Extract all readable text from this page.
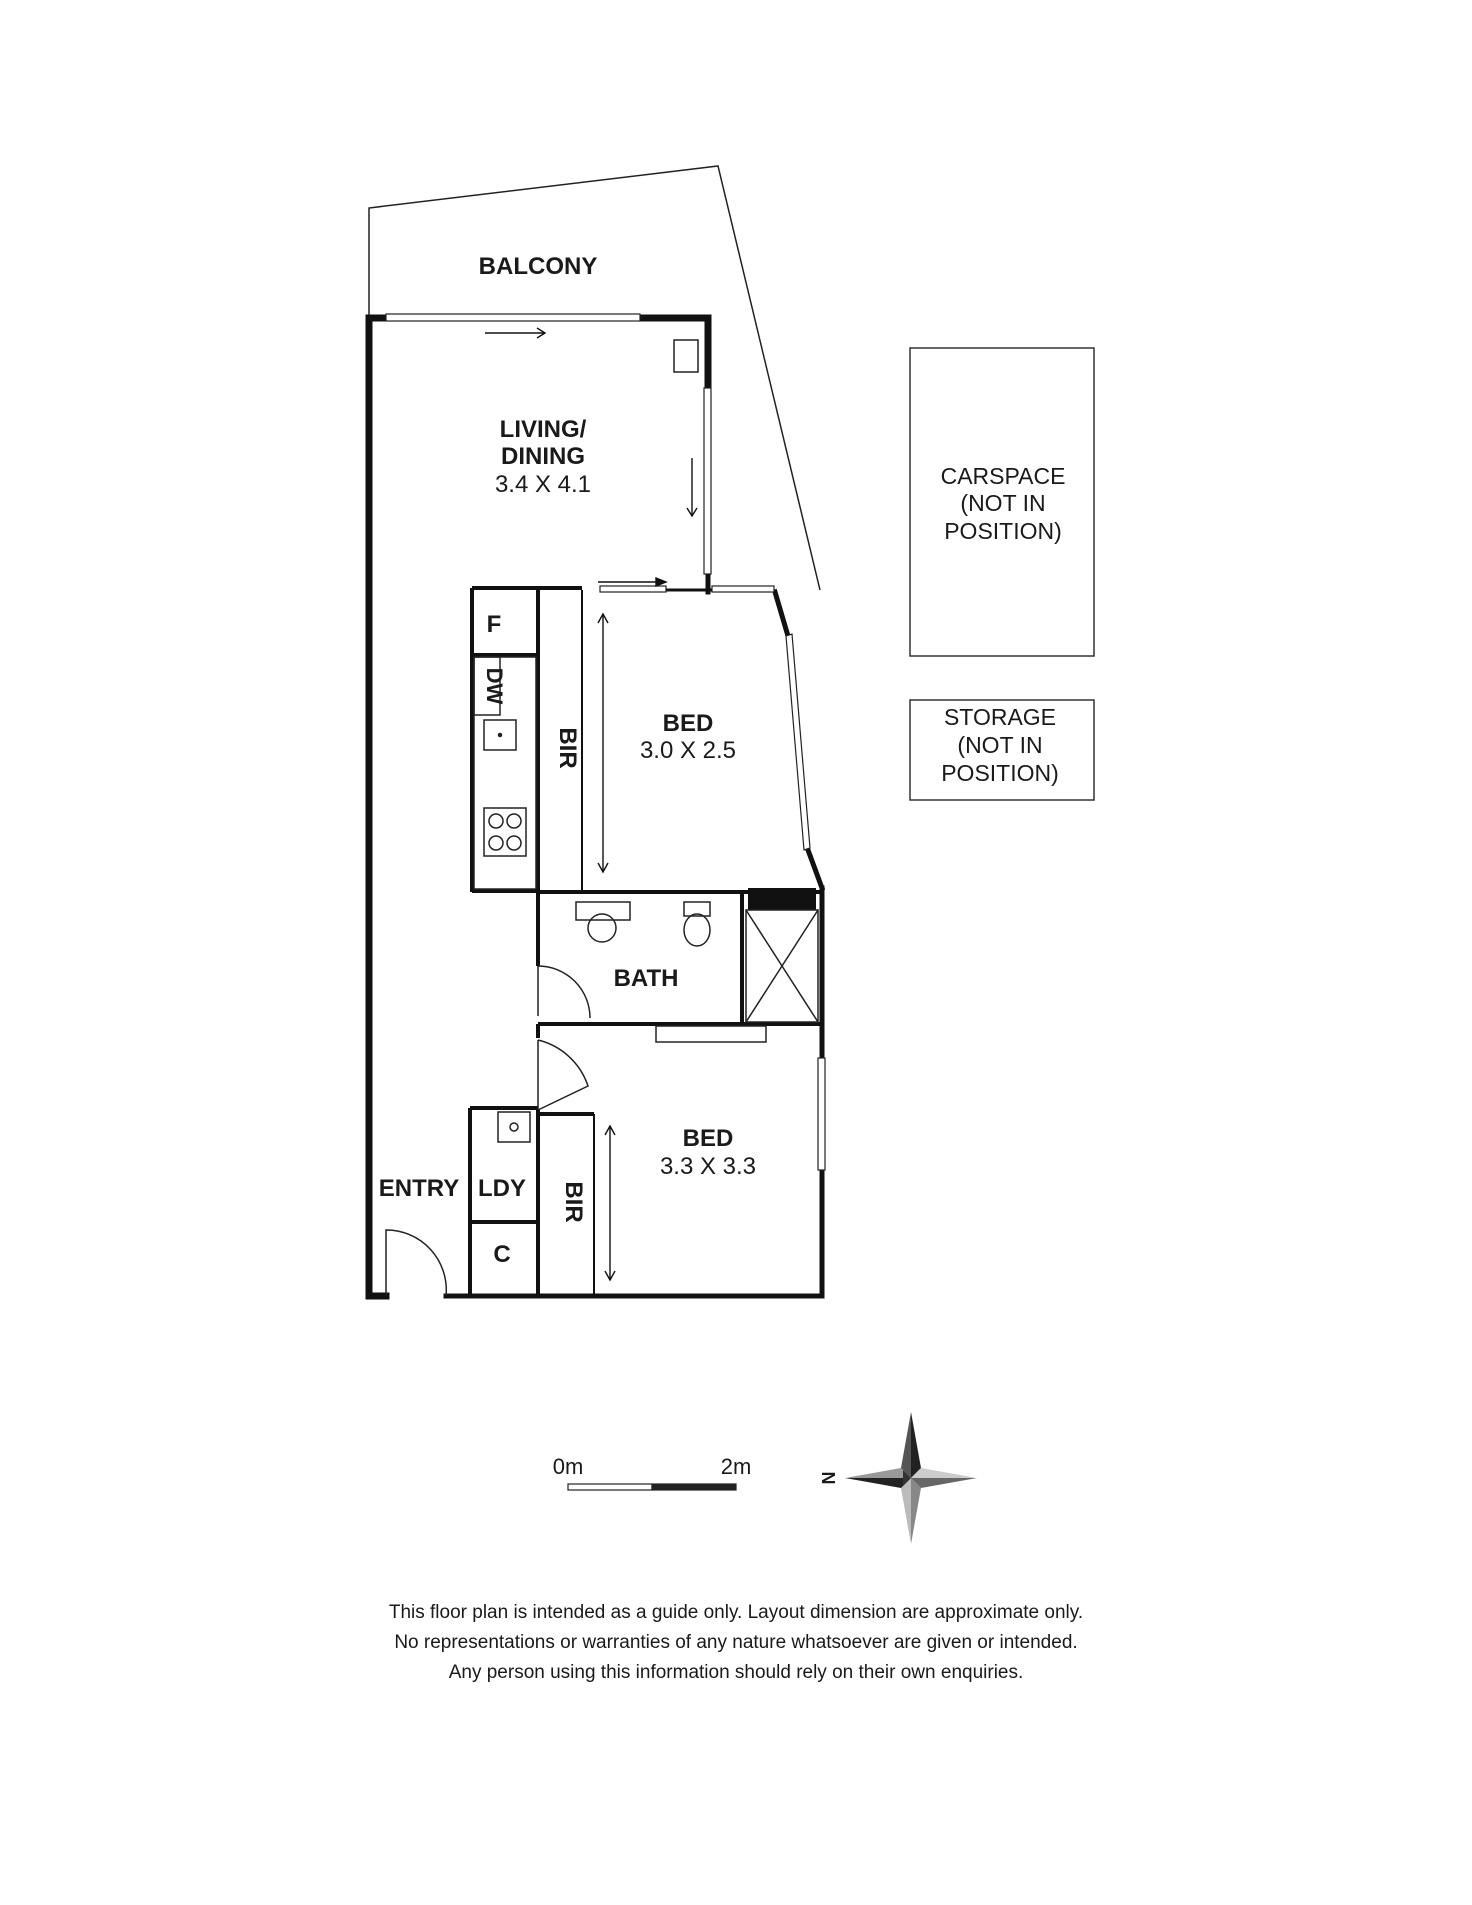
BALCONY
LIVING/
DINING
3.4 X 4.1
BED
3.0 X 2.5
BED
3.3 X 3.3
BATH
ENTRY LDY
C
F
DW
BIR
BIR
CARSPACE
(NOT IN
POSITION)
STORAGE
(NOT IN
POSITION)
0m	2m	N
This floor plan is intended as a guide only. Layout dimension are approximate only.
No representations or warranties of any nature whatsoever are given or intended.
Any person using this information should rely on their own enquiries.
